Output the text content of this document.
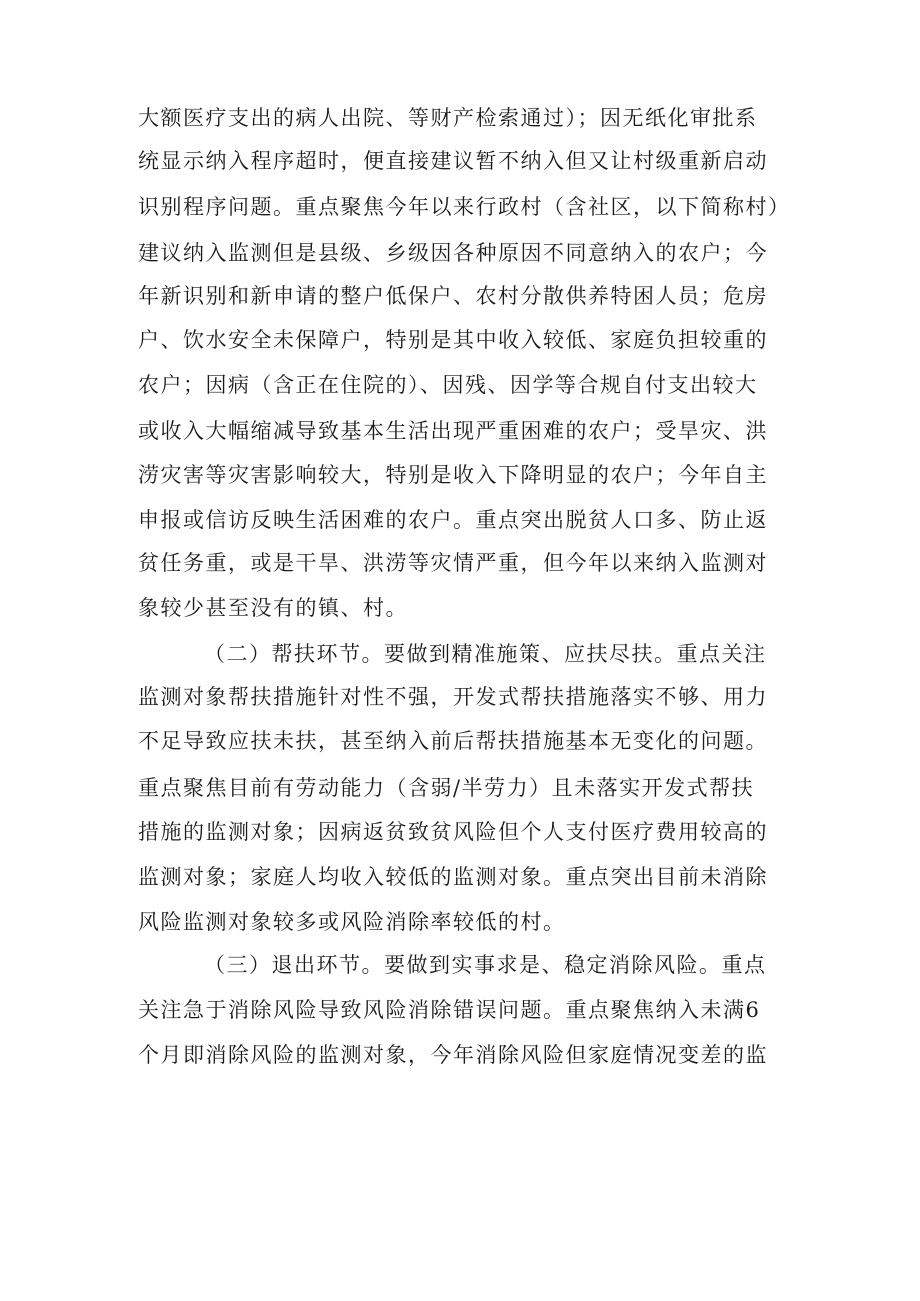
大额医疗支出的病人出院、等财产检索通过）；因无纸化审批系
统显示纳入程序超时，便直接建议暂不纳入但又让村级重新启动
识别程序问题。重点聚焦今年以来行政村（含社区，以下简称村）
建议纳入监测但是县级、乡级因各种原因不同意纳入的农户；今
年新识别和新申请的整户低保户、农村分散供养特困人员；危房
户、饮水安全未保障户，特别是其中收入较低、家庭负担较重的
农户；因病（含正在住院的）、因残、因学等合规自付支出较大
或收入大幅缩减导致基本生活出现严重困难的农户；受旱灾、洪
涝灾害等灾害影响较大，特别是收入下降明显的农户；今年自主
申报或信访反映生活困难的农户。重点突出脱贫人口多、防止返
贫任务重，或是干旱、洪涝等灾情严重，但今年以来纳入监测对
象较少甚至没有的镇、村。
（二）帮扶环节。要做到精准施策、应扶尽扶。重点关注
监测对象帮扶措施针对性不强，开发式帮扶措施落实不够、用力
不足导致应扶未扶，甚至纳入前后帮扶措施基本无变化的问题。
重点聚焦目前有劳动能力（含弱/半劳力）且未落实开发式帮扶
措施的监测对象；因病返贫致贫风险但个人支付医疗费用较高的
监测对象；家庭人均收入较低的监测对象。重点突出目前未消除
风险监测对象较多或风险消除率较低的村。
（三）退出环节。要做到实事求是、稳定消除风险。重点
关注急于消除风险导致风险消除错误问题。重点聚焦纳入未满6
个月即消除风险的监测对象，今年消除风险但家庭情况变差的监
